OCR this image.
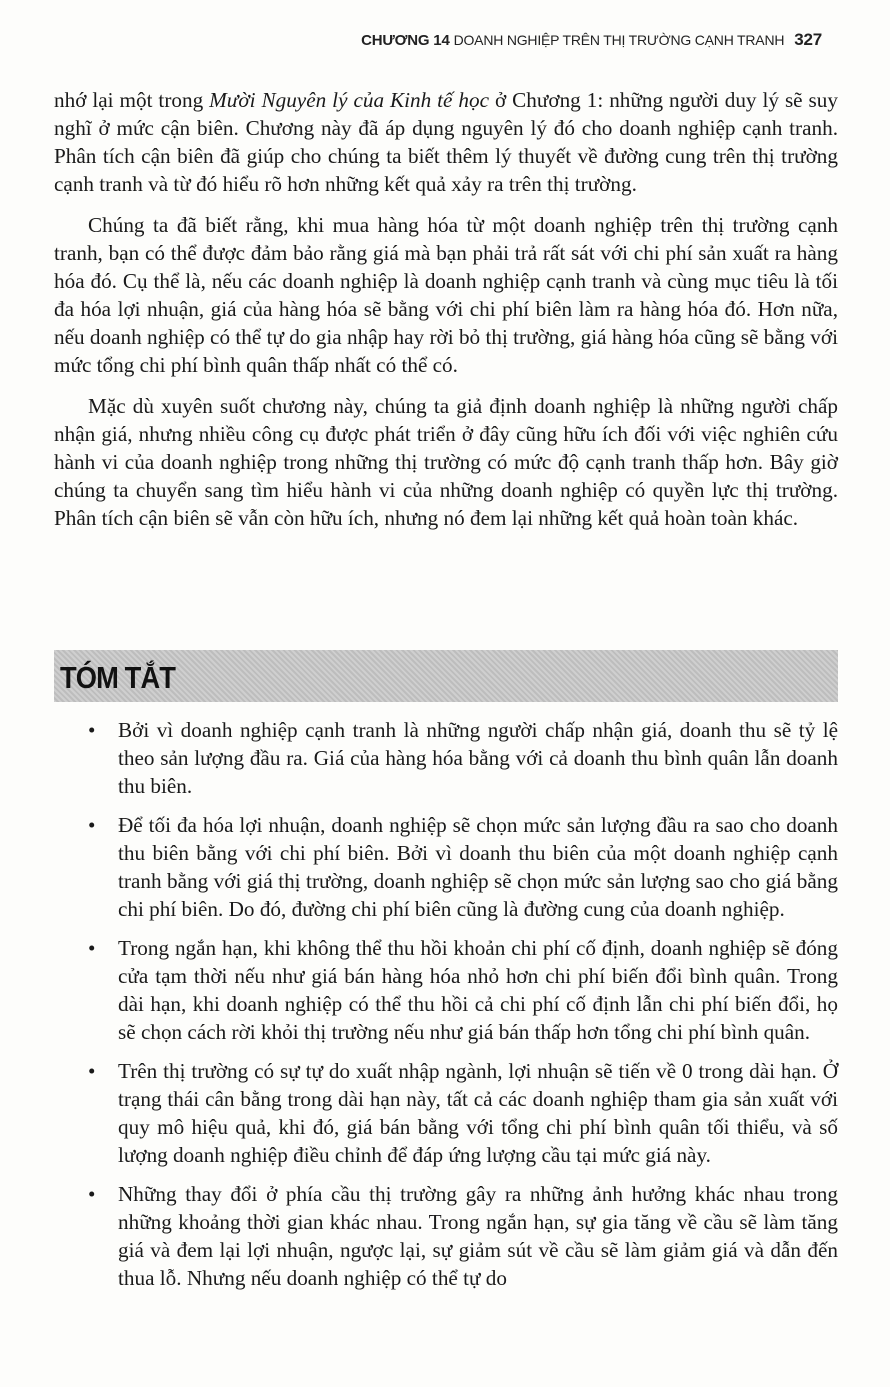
CHƯƠNG 14 DOANH NGHIỆP TRÊN THỊ TRƯỜNG CẠNH TRANH 327

nhớ lại một trong Mười Nguyên lý của Kinh tế học ở Chương 1: những người duy lý sẽ suy nghĩ ở mức cận biên. Chương này đã áp dụng nguyên lý đó cho doanh nghiệp cạnh tranh. Phân tích cận biên đã giúp cho chúng ta biết thêm lý thuyết về đường cung trên thị trường cạnh tranh và từ đó hiểu rõ hơn những kết quả xảy ra trên thị trường.

Chúng ta đã biết rằng, khi mua hàng hóa từ một doanh nghiệp trên thị trường cạnh tranh, bạn có thể được đảm bảo rằng giá mà bạn phải trả rất sát với chi phí sản xuất ra hàng hóa đó. Cụ thể là, nếu các doanh nghiệp là doanh nghiệp cạnh tranh và cùng mục tiêu là tối đa hóa lợi nhuận, giá của hàng hóa sẽ bằng với chi phí biên làm ra hàng hóa đó. Hơn nữa, nếu doanh nghiệp có thể tự do gia nhập hay rời bỏ thị trường, giá hàng hóa cũng sẽ bằng với mức tổng chi phí bình quân thấp nhất có thể có.

Mặc dù xuyên suốt chương này, chúng ta giả định doanh nghiệp là những người chấp nhận giá, nhưng nhiều công cụ được phát triển ở đây cũng hữu ích đối với việc nghiên cứu hành vi của doanh nghiệp trong những thị trường có mức độ cạnh tranh thấp hơn. Bây giờ chúng ta chuyển sang tìm hiểu hành vi của những doanh nghiệp có quyền lực thị trường. Phân tích cận biên sẽ vẫn còn hữu ích, nhưng nó đem lại những kết quả hoàn toàn khác.

TÓM TẮT
• Bởi vì doanh nghiệp cạnh tranh là những người chấp nhận giá, doanh thu sẽ tỷ lệ theo sản lượng đầu ra. Giá của hàng hóa bằng với cả doanh thu bình quân lẫn doanh thu biên.
• Để tối đa hóa lợi nhuận, doanh nghiệp sẽ chọn mức sản lượng đầu ra sao cho doanh thu biên bằng với chi phí biên. Bởi vì doanh thu biên của một doanh nghiệp cạnh tranh bằng với giá thị trường, doanh nghiệp sẽ chọn mức sản lượng sao cho giá bằng chi phí biên. Do đó, đường chi phí biên cũng là đường cung của doanh nghiệp.
• Trong ngắn hạn, khi không thể thu hồi khoản chi phí cố định, doanh nghiệp sẽ đóng cửa tạm thời nếu như giá bán hàng hóa nhỏ hơn chi phí biến đổi bình quân. Trong dài hạn, khi doanh nghiệp có thể thu hồi cả chi phí cố định lẫn chi phí biến đổi, họ sẽ chọn cách rời khỏi thị trường nếu như giá bán thấp hơn tổng chi phí bình quân.
• Trên thị trường có sự tự do xuất nhập ngành, lợi nhuận sẽ tiến về 0 trong dài hạn. Ở trạng thái cân bằng trong dài hạn này, tất cả các doanh nghiệp tham gia sản xuất với quy mô hiệu quả, khi đó, giá bán bằng với tổng chi phí bình quân tối thiểu, và số lượng doanh nghiệp điều chỉnh để đáp ứng lượng cầu tại mức giá này.
• Những thay đổi ở phía cầu thị trường gây ra những ảnh hưởng khác nhau trong những khoảng thời gian khác nhau. Trong ngắn hạn, sự gia tăng về cầu sẽ làm tăng giá và đem lại lợi nhuận, ngược lại, sự giảm sút về cầu sẽ làm giảm giá và dẫn đến thua lỗ. Nhưng nếu doanh nghiệp có thể tự do
